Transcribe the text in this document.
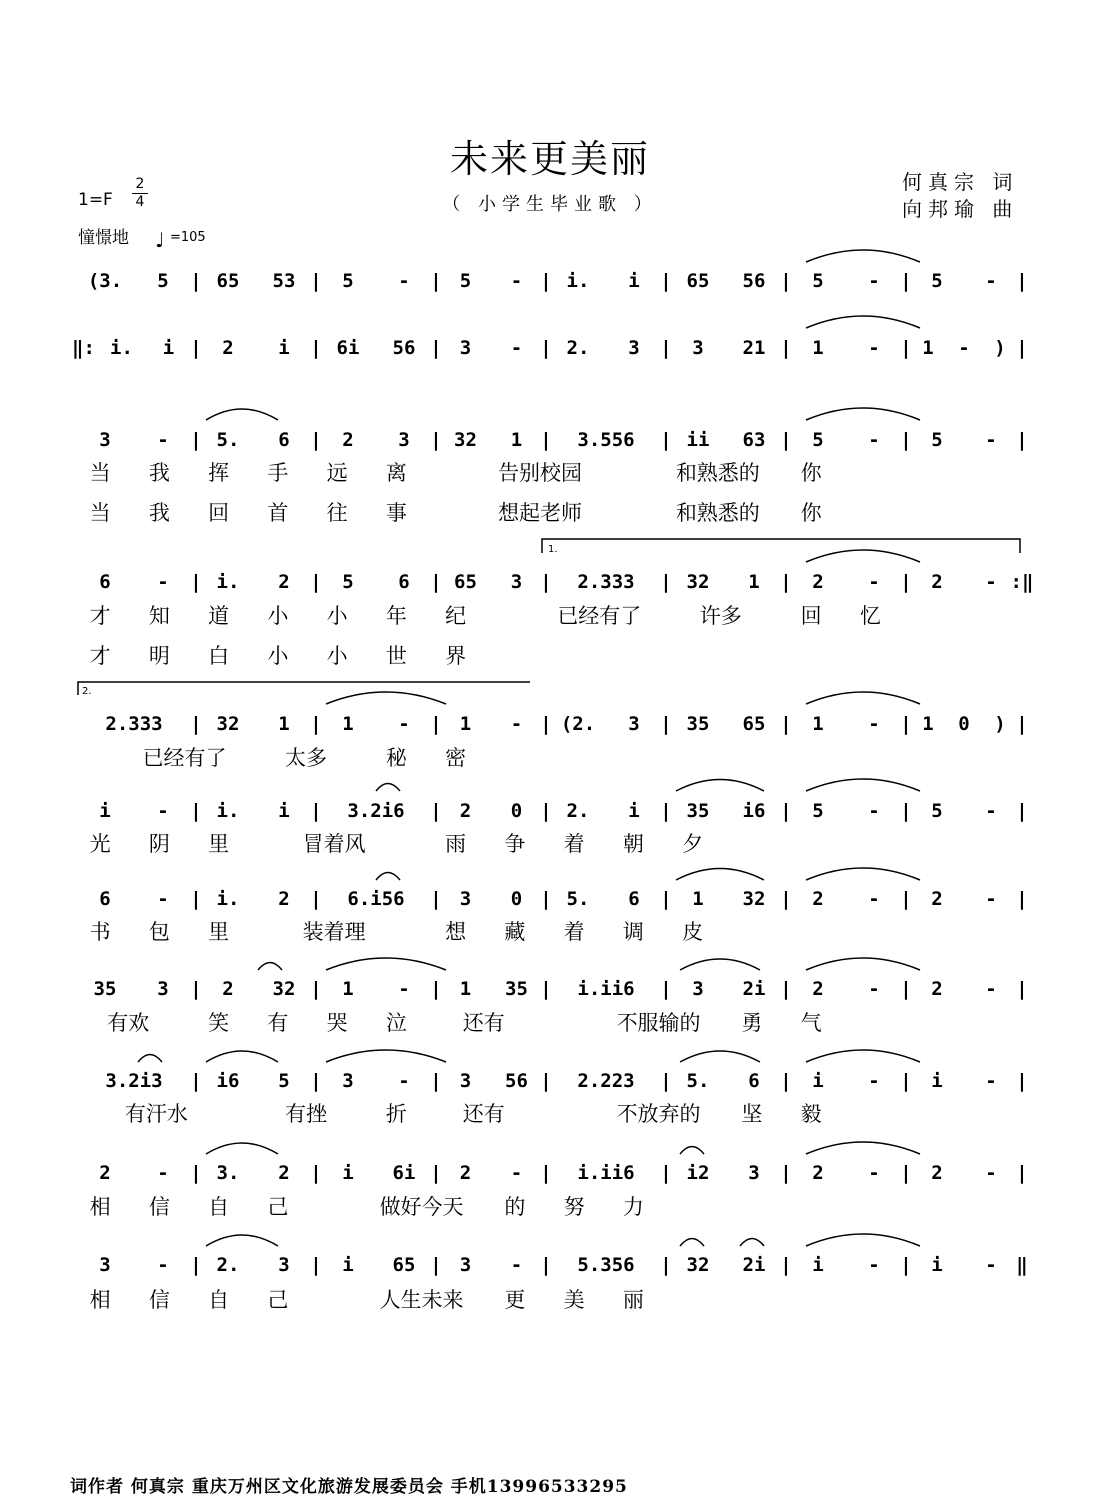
未来更美丽
（ 小学生毕业歌 ）
1=F
2
4
憧憬地 ♩ =105
何真宗 词
向邦瑜 曲
(3.	5	| 65	53 |	5	-	| 5	- | i.	i	| 65	56 |	5	-	|	5	-	|
‖: i.	i |	2	i	| 6i	56 | 3	- | 2.	3	|	3	21 |	1	-	| 1	-	) |
3	-	| 5.	6	|	2	3	| 32	1 |	3.556	| ii	63 |	5	-	|	5	-	|
当	我	挥	手	远	离	告别校园	和熟悉的	你
当	我	回	首	往	事	想起老师	和熟悉的	你
6	-	| i.	2	|	5	6	| 65	3 |	2.333	| 32	1	|	2	-	|	2	- :‖
才	知	道	小	小	年	纪	已经有了	许多	回	忆
才	明	白	小	小	世	界
2.333	| 32	1	|	1	-	| 1	- | (2.	3	| 35	65 |	1	-	| 1	0	) |
已经有了	太多	秘	密
i	-	| i.	i	|	3.2i6	| 2	0 | 2.	i	| 35	i6 |	5	-	|	5	-	|
光	阴	里	冒着风	雨	争	着	朝	夕
6	-	| i.	2	|	6.i56	| 3	0 | 5.	6	|	1	32 |	2	-	|	2	-	|
书	包	里	装着理	想	藏	着	调	皮
35	3	|	2	32 |	1	-	| 1	35 |	i.ii6	|	3	2i |	2	-	|	2	-	|
有欢	笑	有	哭	泣	还有	不服输的	勇	气
3.2i3	| i6	5	|	3	-	| 3	56 |	2.223	| 5.	6	|	i	-	|	i	-	|
有汗水	有挫	折	还有	不放弃的	坚	毅
2	-	| 3.	2	|	i	6i | 2	- |	i.ii6	| i2	3	|	2	-	|	2	-	|
相	信	自	己	做好今天	的	努	力
3	-	| 2.	3	|	i	65 | 3	- |	5.356	| 32	2i |	i	-	|	i	-	‖
相	信	自	己	人生未来	更	美	丽
1.
2.
词作者 何真宗 重庆万州区文化旅游发展委员会 手机13996533295
